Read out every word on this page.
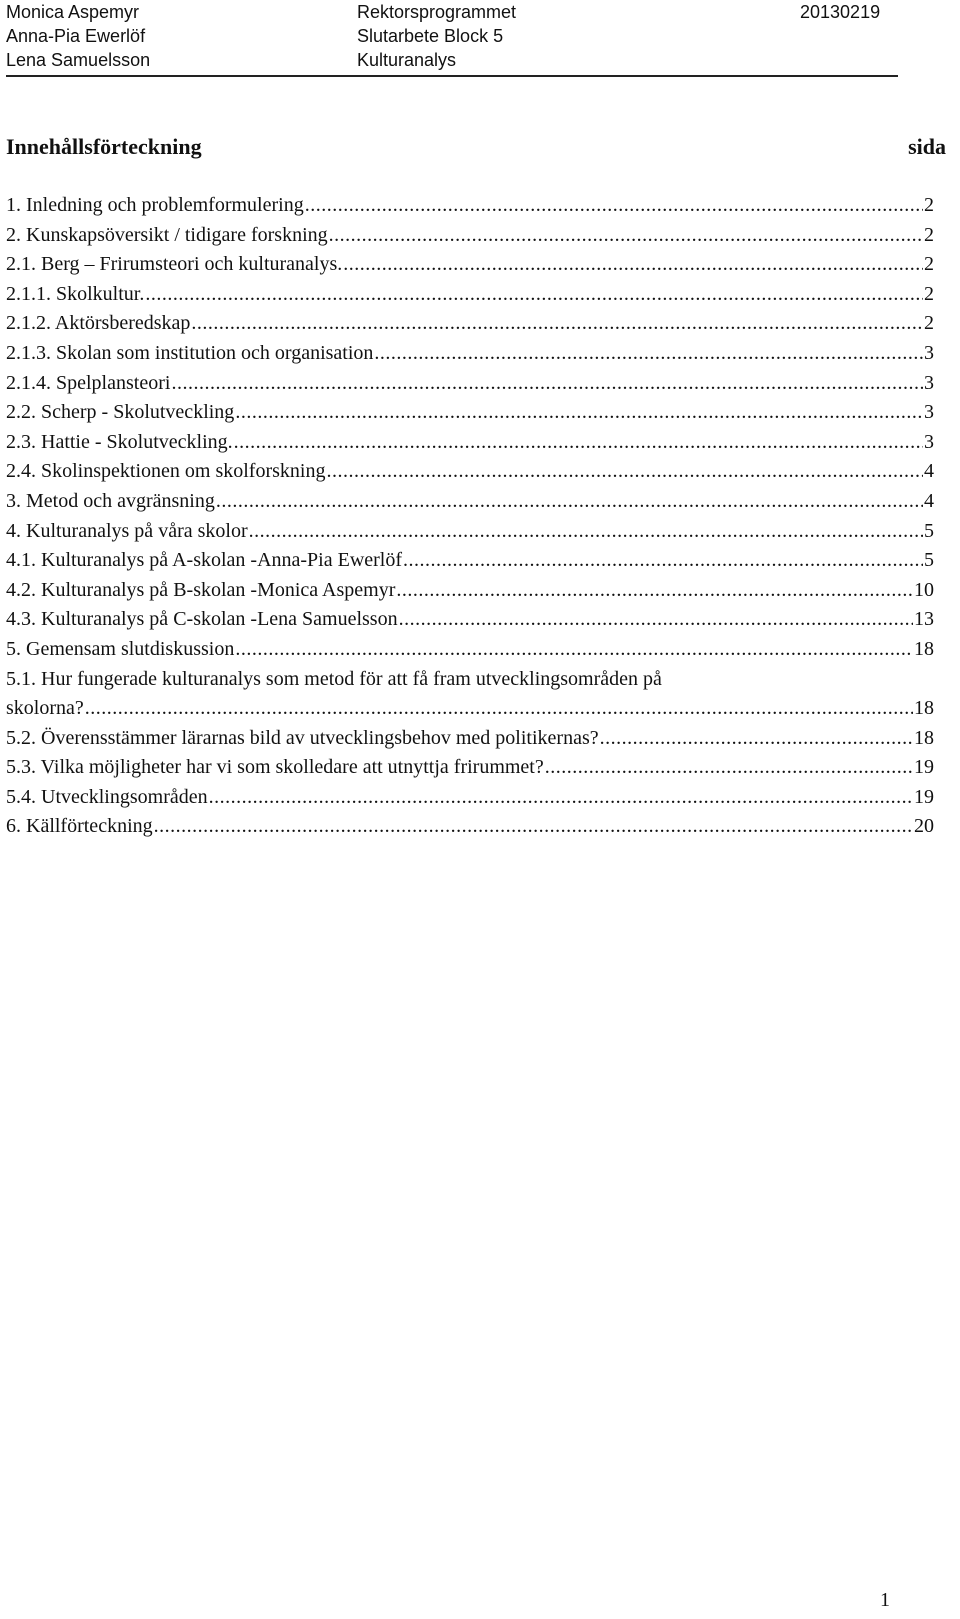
Monica Aspemyr	Rektorsprogrammet	20130219
Anna-Pia Ewerlöf	Slutarbete Block 5
Lena Samuelsson	Kulturanalys
Innehållsförteckning	sida
1. Inledning och problemformulering .....	2
2. Kunskapsöversikt / tidigare forskning .....	2
2.1. Berg – Frirumsteori och kulturanalys. .....	2
2.1.1. Skolkultur. .....	2
2.1.2. Aktörsberedskap .....	2
2.1.3. Skolan som institution och organisation .....	3
2.1.4. Spelplansteori .....	3
2.2. Scherp - Skolutveckling .....	3
2.3. Hattie - Skolutveckling. .....	3
2.4. Skolinspektionen om skolforskning .....	4
3. Metod och avgränsning .....	4
4. Kulturanalys på våra skolor .....	5
4.1. Kulturanalys på A-skolan -Anna-Pia Ewerlöf .....	5
4.2. Kulturanalys på B-skolan -Monica Aspemyr .....	10
4.3. Kulturanalys på C-skolan -Lena Samuelsson .....	13
5. Gemensam slutdiskussion .....	18
5.1. Hur fungerade kulturanalys som metod för att få fram utvecklingsområden på
skolorna? .....	18
5.2. Överensstämmer lärarnas bild av utvecklingsbehov med politikernas? .....	18
5.3. Vilka möjligheter har vi som skolledare att utnyttja frirummet? .....	19
5.4. Utvecklingsområden .....	19
6. Källförteckning .....	20
1
